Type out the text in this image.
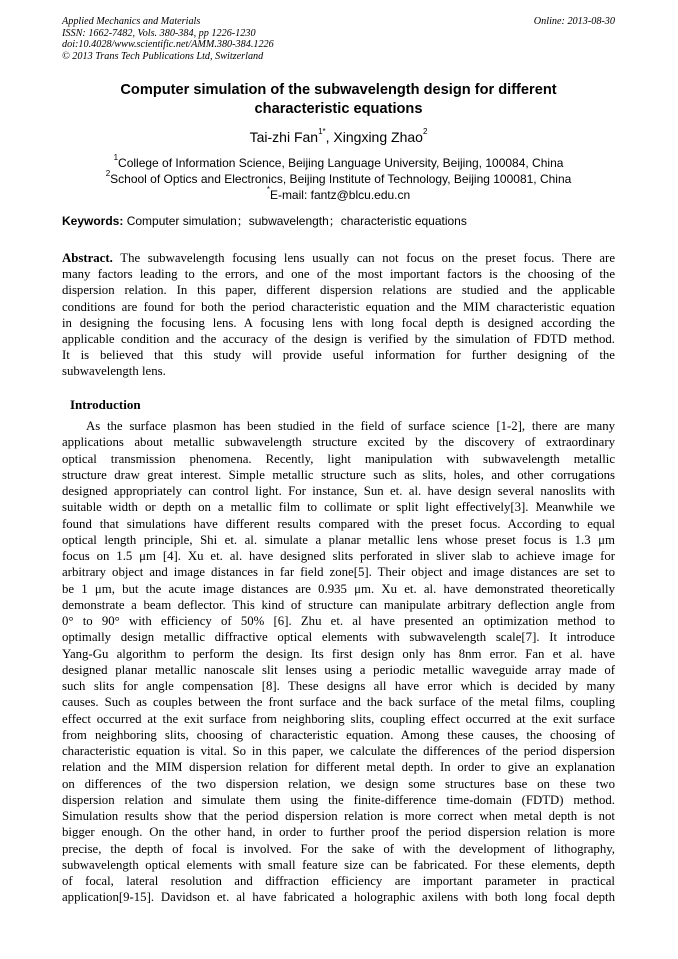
Applied Mechanics and Materials
ISSN: 1662-7482, Vols. 380-384, pp 1226-1230
doi:10.4028/www.scientific.net/AMM.380-384.1226
© 2013 Trans Tech Publications Ltd, Switzerland
Online: 2013-08-30
Computer simulation of the subwavelength design for different
characteristic equations
Tai-zhi Fan$^{1*}$, Xingxing Zhao$^2$
$^1$College of Information Science, Beijing Language University, Beijing, 100084, China
$^2$School of Optics and Electronics, Beijing Institute of Technology, Beijing 100081, China
*E-mail: fantz@blcu.edu.cn
Keywords: Computer simulation；subwavelength；characteristic equations
Abstract. The subwavelength focusing lens usually can not focus on the preset focus. There are
many factors leading to the errors, and one of the most important factors is the choosing of the
dispersion relation. In this paper, different dispersion relations are studied and the applicable
conditions are found for both the period characteristic equation and the MIM characteristic equation
in designing the focusing lens. A focusing lens with long focal depth is designed according the
applicable condition and the accuracy of the design is verified by the simulation of FDTD method.
It is believed that this study will provide useful information for further designing of the
subwavelength lens.
Introduction
As the surface plasmon has been studied in the field of surface science [1-2], there are many
applications about metallic subwavelength structure excited by the discovery of extraordinary
optical transmission phenomena. Recently, light manipulation with subwavelength metallic
structure draw great interest. Simple metallic structure such as slits, holes, and other corrugations
designed appropriately can control light. For instance, Sun et. al. have design several nanoslits with
suitable width or depth on a metallic film to collimate or split light effectively[3]. Meanwhile we
found that simulations have different results compared with the preset focus. According to equal
optical length principle, Shi et. al. simulate a planar metallic lens whose preset focus is 1.3 μm
focus on 1.5 μm [4]. Xu et. al. have designed slits perforated in sliver slab to achieve image for
arbitrary object and image distances in far field zone[5]. Their object and image distances are set to
be 1 μm, but the acute image distances are 0.935 μm. Xu et. al. have demonstrated theoretically
demonstrate a beam deflector. This kind of structure can manipulate arbitrary deflection angle from
0° to 90° with efficiency of 50% [6]. Zhu et. al have presented an optimization method to
optimally design metallic diffractive optical elements with subwavelength scale[7]. It introduce
Yang-Gu algorithm to perform the design. Its first design only has 8nm error. Fan et al. have
designed planar metallic nanoscale slit lenses using a periodic metallic waveguide array made of
such slits for angle compensation [8]. These designs all have error which is decided by many
causes. Such as couples between the front surface and the back surface of the metal films, coupling
effect occurred at the exit surface from neighboring slits, coupling effect occurred at the exit surface
from neighboring slits, choosing of characteristic equation. Among these causes, the choosing of
characteristic equation is vital. So in this paper, we calculate the differences of the period dispersion
relation and the MIM dispersion relation for different metal depth. In order to give an explanation
on differences of the two dispersion relation, we design some structures base on these two
dispersion relation and simulate them using the finite-difference time-domain (FDTD) method.
Simulation results show that the period dispersion relation is more correct when metal depth is not
bigger enough. On the other hand, in order to further proof the period dispersion relation is more
precise, the depth of focal is involved. For the sake of with the development of lithography,
subwavelength optical elements with small feature size can be fabricated. For these elements, depth
of focal, lateral resolution and diffraction efficiency are important parameter in practical
application[9-15]. Davidson et. al have fabricated a holographic axilens with both long focal depth
